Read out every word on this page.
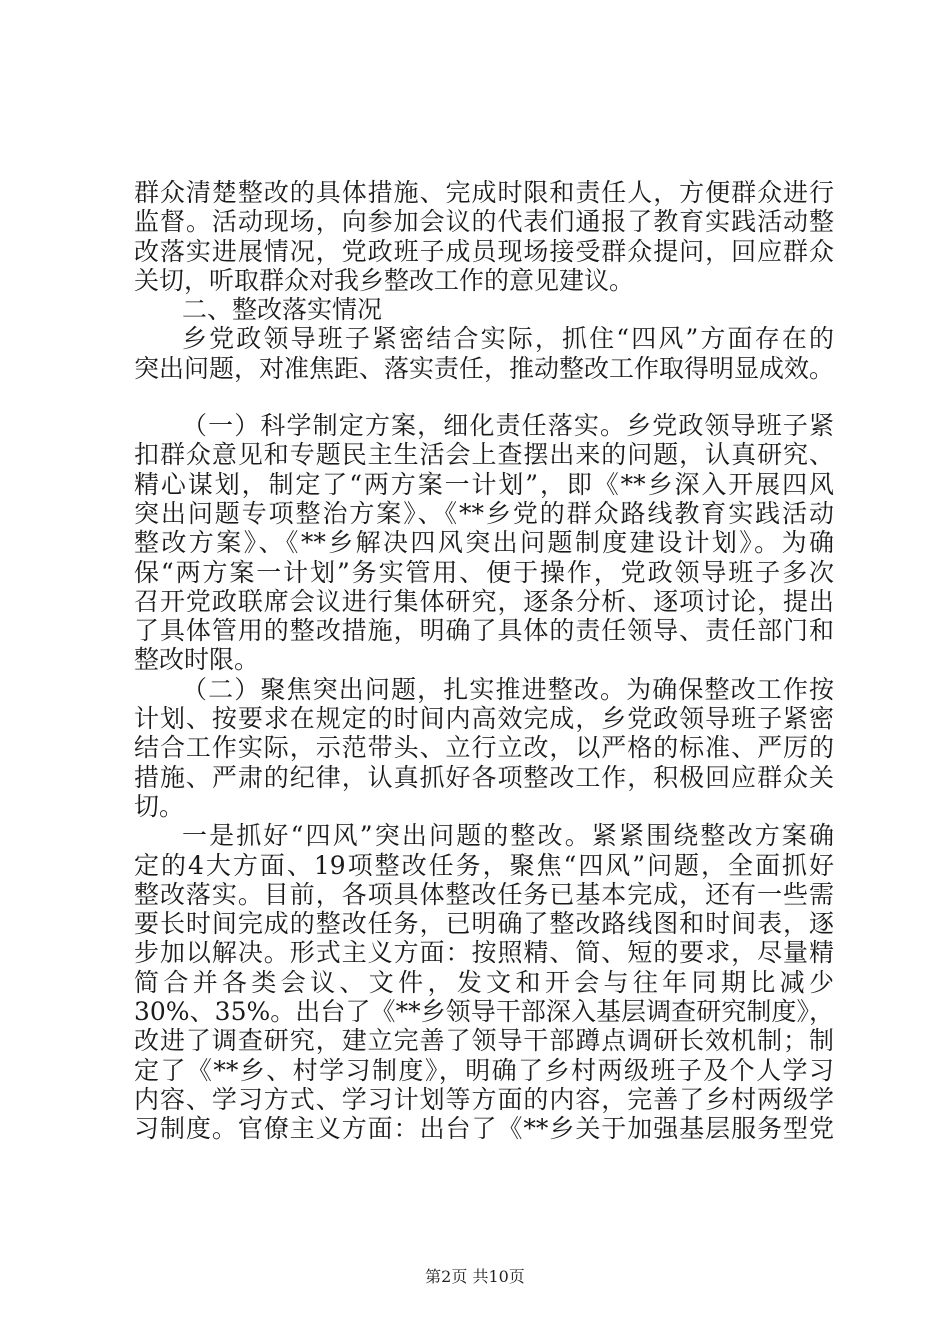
群众清楚整改的具体措施、完成时限和责任人，方便群众进行
监督。活动现场，向参加会议的代表们通报了教育实践活动整
改落实进展情况，党政班子成员现场接受群众提问，回应群众
关切，听取群众对我乡整改工作的意见建议。
二、整改落实情况
乡党政领导班子紧密结合实际，抓住“四风”方面存在的
突出问题，对准焦距、落实责任，推动整改工作取得明显成效。
（一）科学制定方案，细化责任落实。乡党政领导班子紧
扣群众意见和专题民主生活会上查摆出来的问题，认真研究、
精心谋划，制定了“两方案一计划”，即《**乡深入开展四风
突出问题专项整治方案》、《**乡党的群众路线教育实践活动
整改方案》、《**乡解决四风突出问题制度建设计划》。为确
保“两方案一计划”务实管用、便于操作，党政领导班子多次
召开党政联席会议进行集体研究，逐条分析、逐项讨论，提出
了具体管用的整改措施，明确了具体的责任领导、责任部门和
整改时限。
（二）聚焦突出问题，扎实推进整改。为确保整改工作按
计划、按要求在规定的时间内高效完成，乡党政领导班子紧密
结合工作实际，示范带头、立行立改，以严格的标准、严厉的
措施、严肃的纪律，认真抓好各项整改工作，积极回应群众关
切。
一是抓好“四风”突出问题的整改。紧紧围绕整改方案确
定的4大方面、19项整改任务，聚焦“四风”问题，全面抓好
整改落实。目前，各项具体整改任务已基本完成，还有一些需
要长时间完成的整改任务，已明确了整改路线图和时间表，逐
步加以解决。形式主义方面：按照精、简、短的要求，尽量精
简合并各类会议、文件，发文和开会与往年同期比减少
30%、35%。出台了《**乡领导干部深入基层调查研究制度》，
改进了调查研究，建立完善了领导干部蹲点调研长效机制；制
定了《**乡、村学习制度》，明确了乡村两级班子及个人学习
内容、学习方式、学习计划等方面的内容，完善了乡村两级学
习制度。官僚主义方面：出台了《**乡关于加强基层服务型党
第2页 共10页
